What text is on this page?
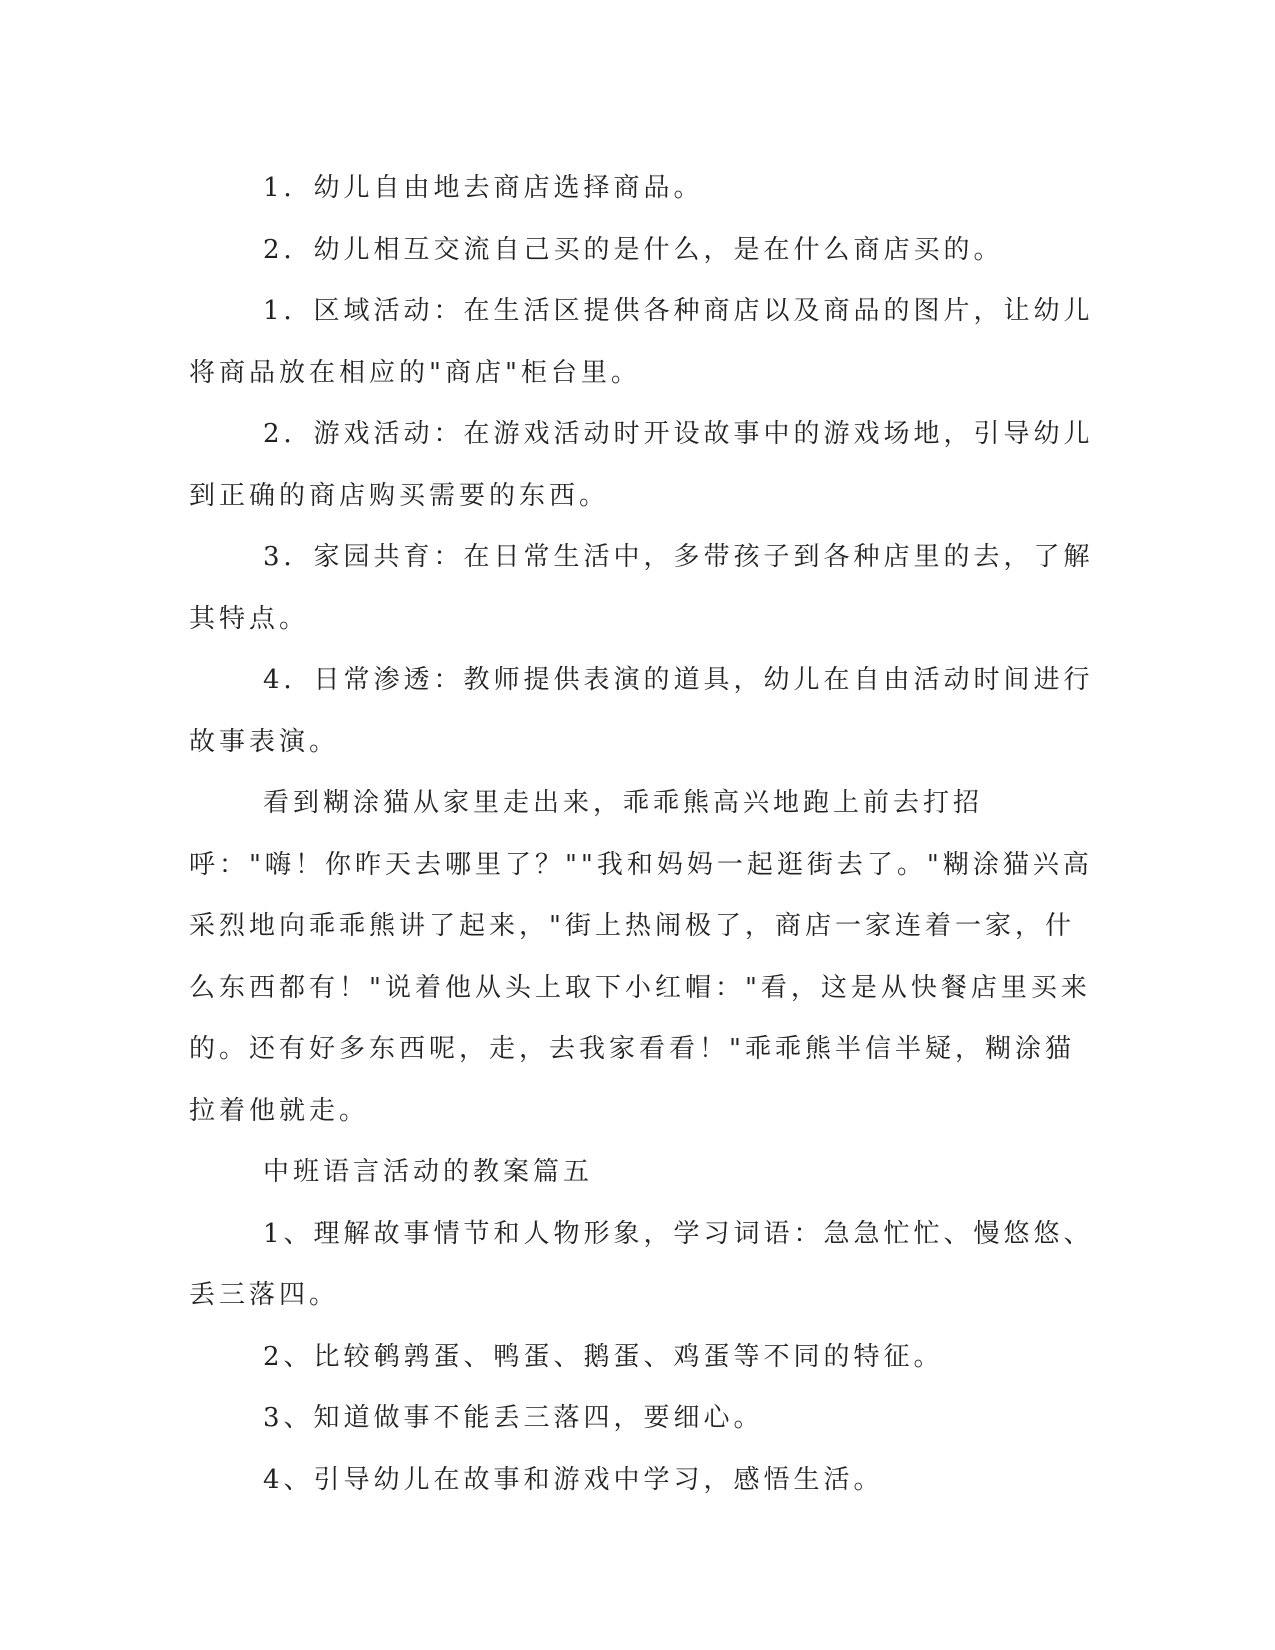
1．幼儿自由地去商店选择商品。

2．幼儿相互交流自己买的是什么，是在什么商店买的。

1．区域活动：在生活区提供各种商店以及商品的图片，让幼儿将商品放在相应的"商店"柜台里。

2．游戏活动：在游戏活动时开设故事中的游戏场地，引导幼儿到正确的商店购买需要的东西。

3．家园共育：在日常生活中，多带孩子到各种店里的去，了解其特点。

4．日常渗透：教师提供表演的道具，幼儿在自由活动时间进行故事表演。

看到糊涂猫从家里走出来，乖乖熊高兴地跑上前去打招呼："嗨！你昨天去哪里了？""我和妈妈一起逛街去了。"糊涂猫兴高采烈地向乖乖熊讲了起来，"街上热闹极了，商店一家连着一家，什么东西都有！"说着他从头上取下小红帽："看，这是从快餐店里买来的。还有好多东西呢，走，去我家看看！"乖乖熊半信半疑，糊涂猫拉着他就走。

中班语言活动的教案篇五

1、理解故事情节和人物形象，学习词语：急急忙忙、慢悠悠、丢三落四。

2、比较鹌鹑蛋、鸭蛋、鹅蛋、鸡蛋等不同的特征。

3、知道做事不能丢三落四，要细心。

4、引导幼儿在故事和游戏中学习，感悟生活。
